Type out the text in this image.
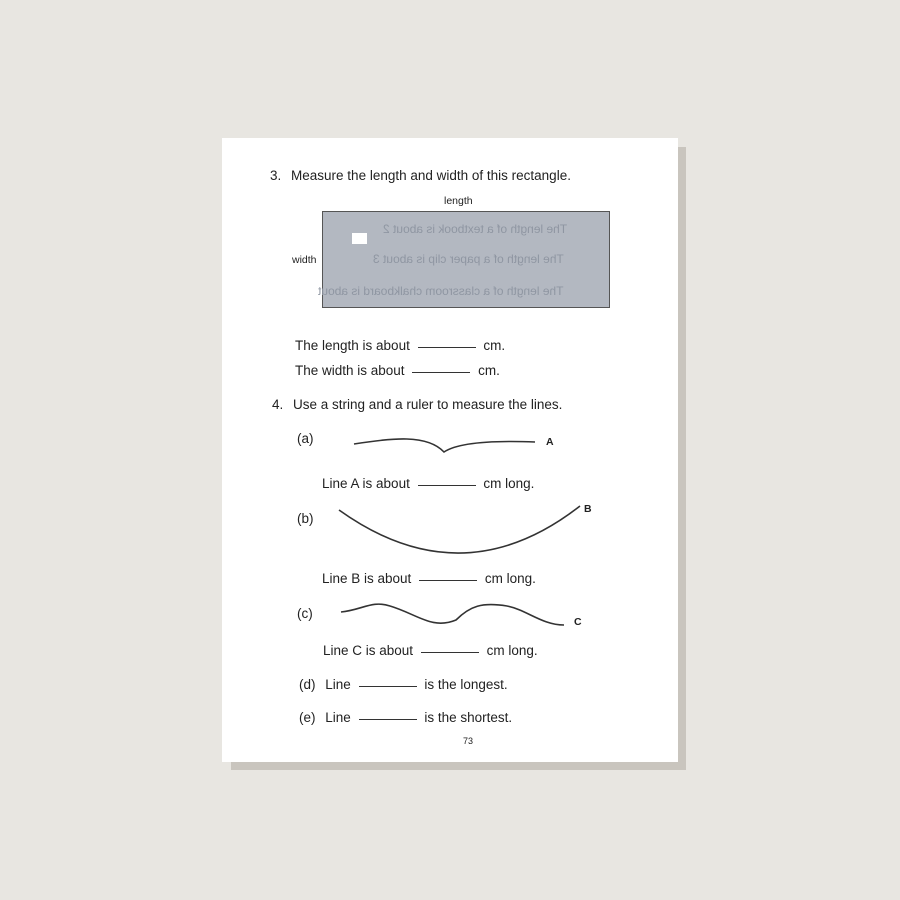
3. Measure the length and width of this rectangle.
length
width
The length of a textbook is about 2
The length of a paper clip is about 3
The length of a classroom chalkboard is about
The length is about	cm.
The width is about	cm.
4. Use a string and a ruler to measure the lines.
(a)	A
Line A is about	cm long.
(b)
B
Line B is about	cm long.
(c)
C
Line C is about	cm long.
(d) Line	is the longest.
(e) Line	is the shortest.
73
